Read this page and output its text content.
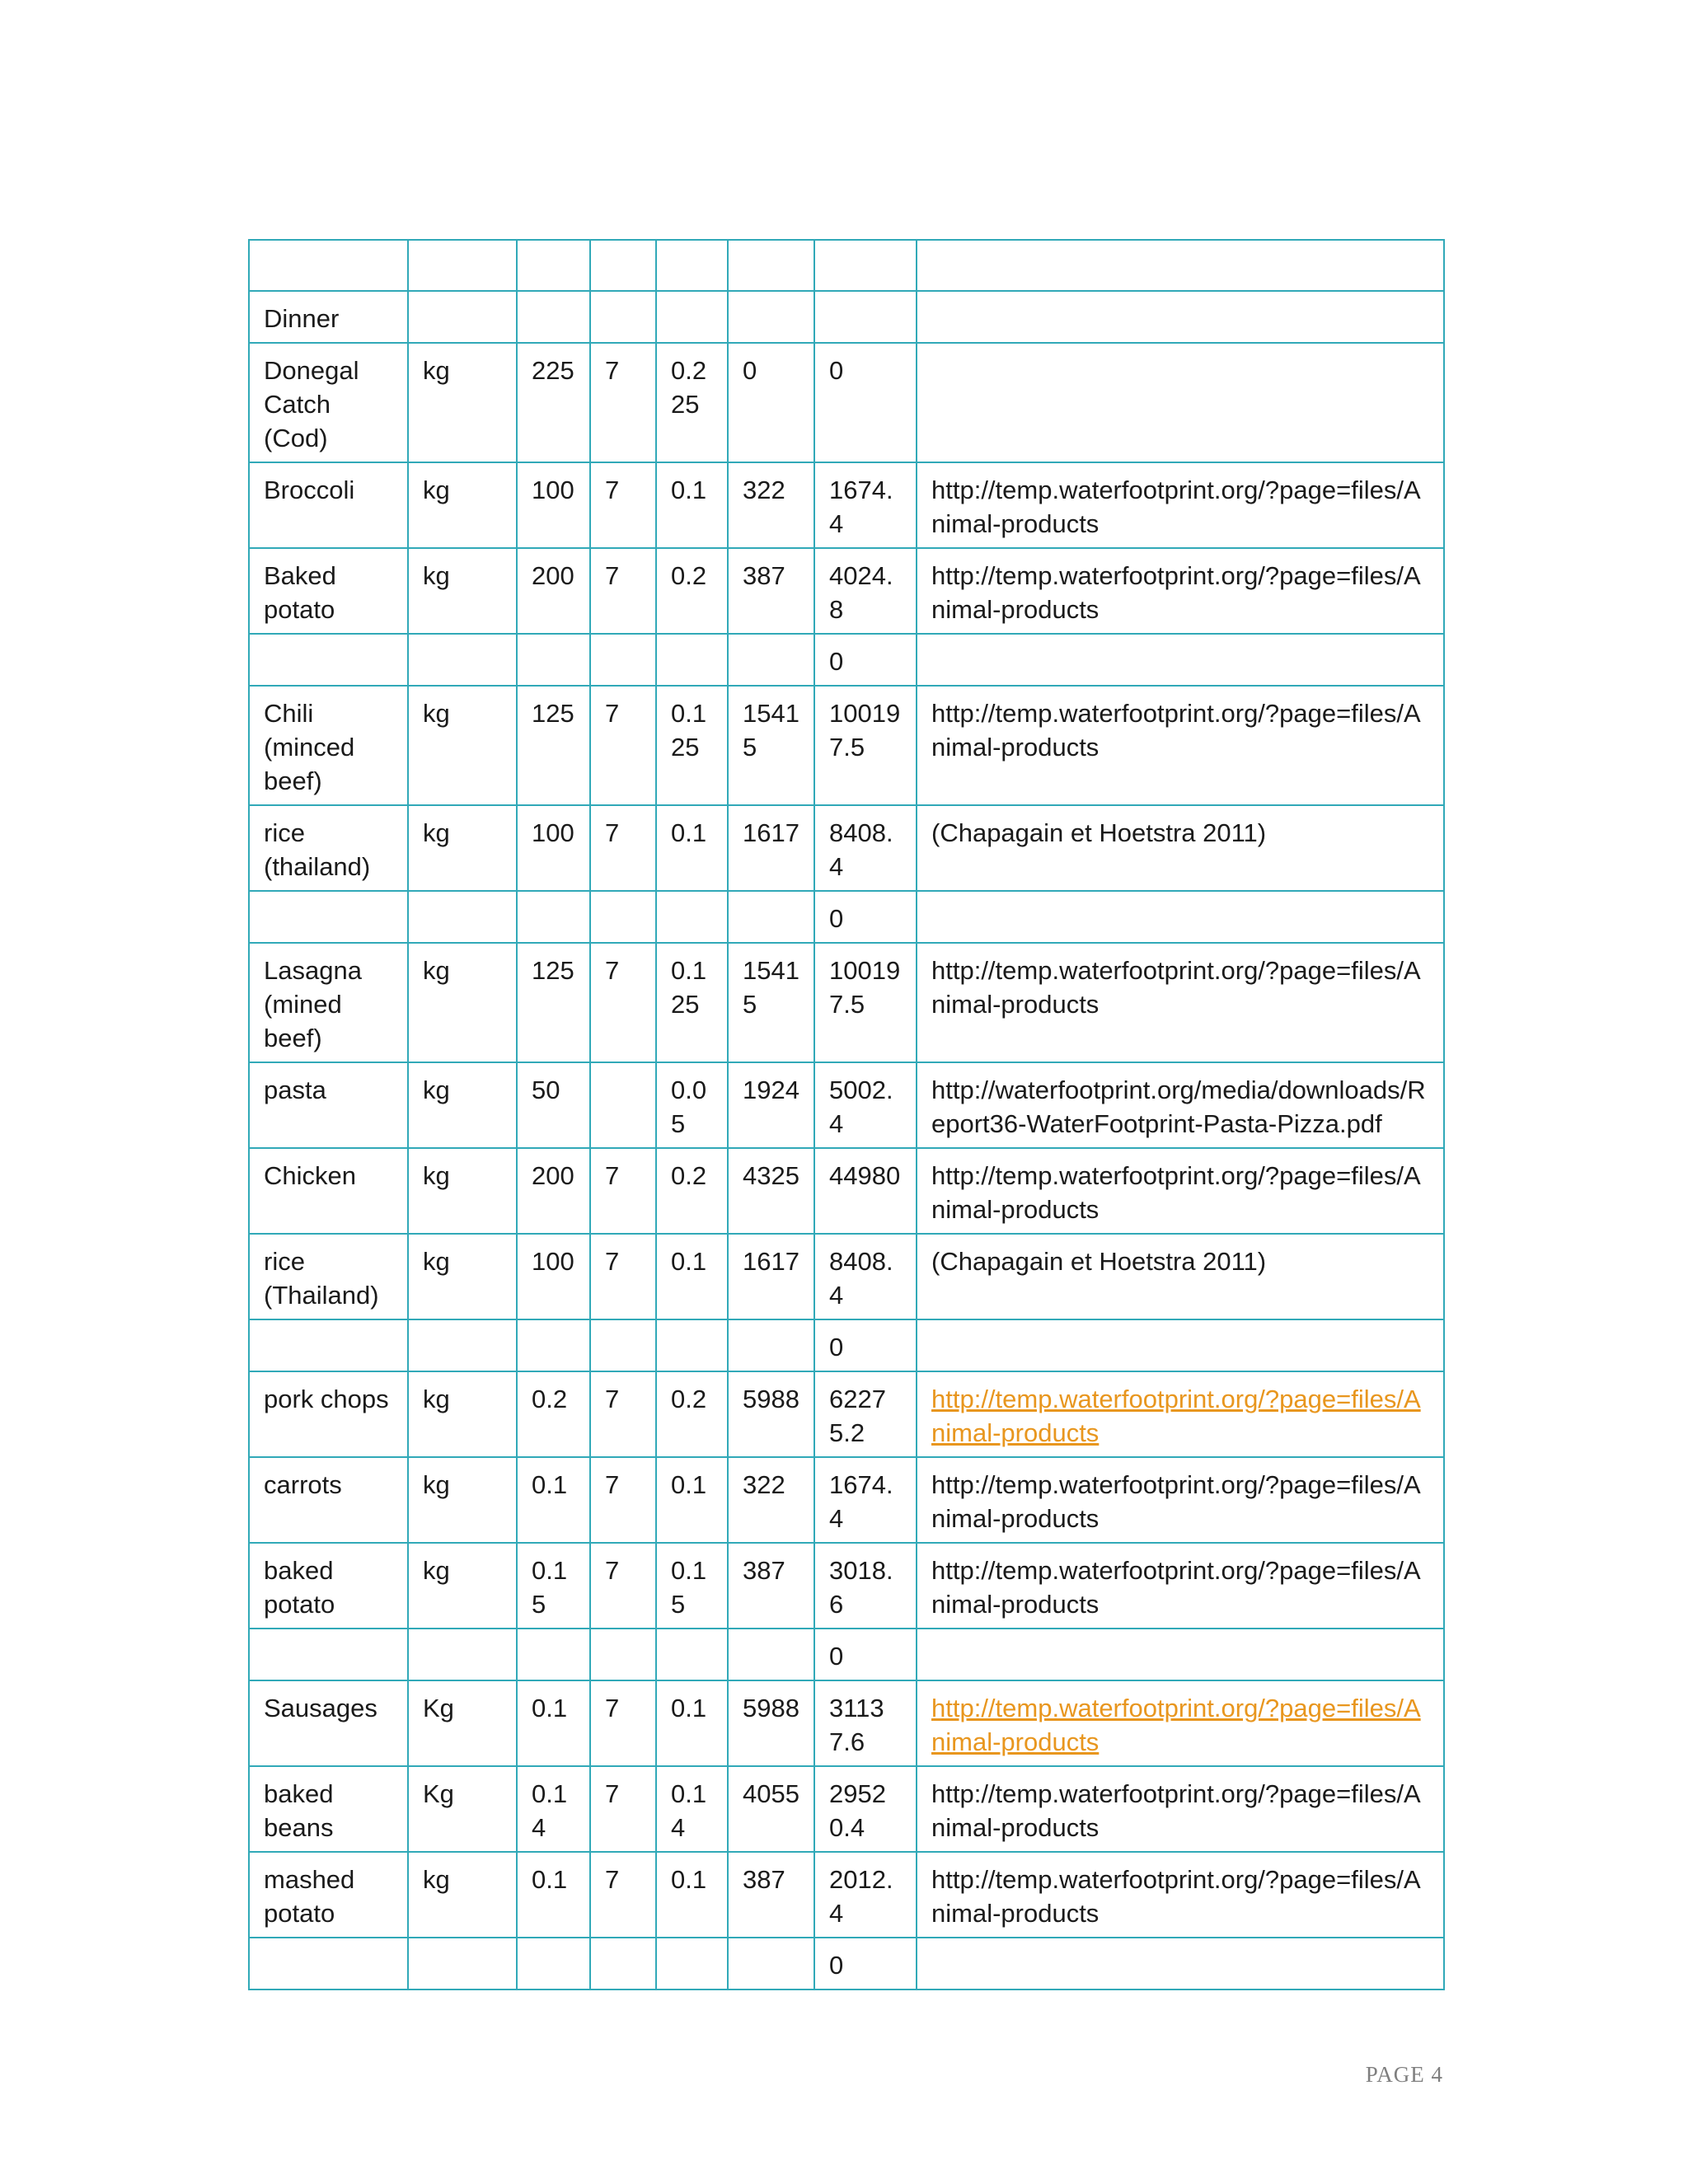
Dinner							
Donegal Catch (Cod)	kg	225	7	0.225	0	0	
Broccoli	kg	100	7	0.1	322	1674.4	http://temp.waterfootprint.org/?page=files/Animal-products
Baked potato	kg	200	7	0.2	387	4024.8	http://temp.waterfootprint.org/?page=files/Animal-products
						0	
Chili (minced beef)	kg	125	7	0.125	15415	100197.5	http://temp.waterfootprint.org/?page=files/Animal-products
rice (thailand)	kg	100	7	0.1	1617	8408.4	(Chapagain et Hoetstra 2011)
						0	
Lasagna (mined beef)	kg	125	7	0.125	15415	100197.5	http://temp.waterfootprint.org/?page=files/Animal-products
pasta	kg	50		0.05	1924	5002.4	http://waterfootprint.org/media/downloads/Report36-WaterFootprint-Pasta-Pizza.pdf
Chicken	kg	200	7	0.2	4325	44980	http://temp.waterfootprint.org/?page=files/Animal-products
rice (Thailand)	kg	100	7	0.1	1617	8408.4	(Chapagain et Hoetstra 2011)
						0	
pork chops	kg	0.2	7	0.2	5988	62275.2	http://temp.waterfootprint.org/?page=files/Animal-products
carrots	kg	0.1	7	0.1	322	1674.4	http://temp.waterfootprint.org/?page=files/Animal-products
baked potato	kg	0.15	7	0.15	387	3018.6	http://temp.waterfootprint.org/?page=files/Animal-products
						0	
Sausages	Kg	0.1	7	0.1	5988	31137.6	http://temp.waterfootprint.org/?page=files/Animal-products
baked beans	Kg	0.14	7	0.14	4055	29520.4	http://temp.waterfootprint.org/?page=files/Animal-products
mashed potato	kg	0.1	7	0.1	387	2012.4	http://temp.waterfootprint.org/?page=files/Animal-products
						0	
PAGE 4
